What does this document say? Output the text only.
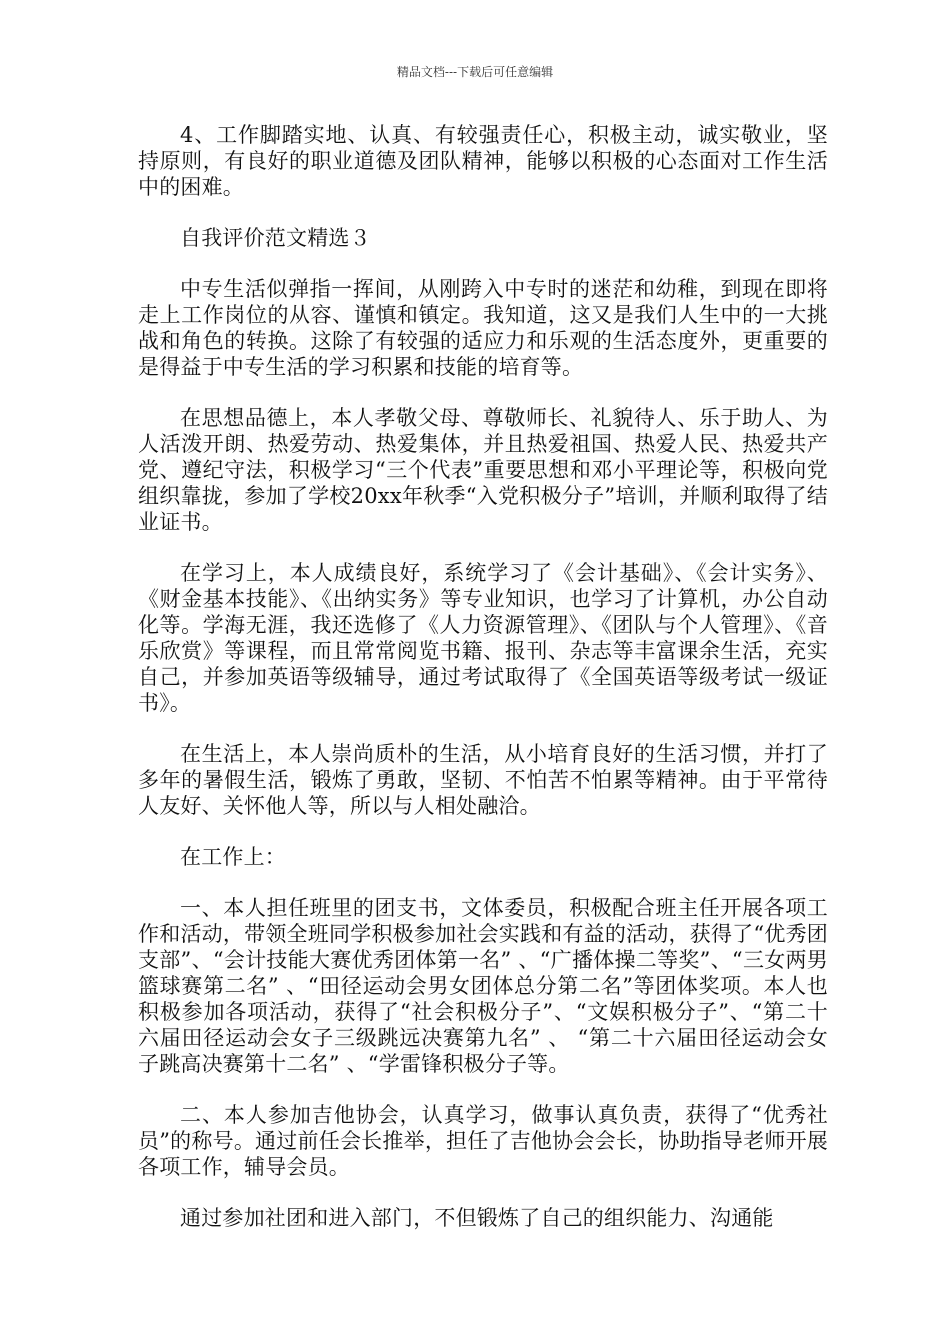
精品文档---下载后可任意编辑

4、工作脚踏实地、认真、有较强责任心，积极主动，诚实敬业，坚持原则，有良好的职业道德及团队精神，能够以积极的心态面对工作生活中的困难。

自我评价范文精选３

中专生活似弹指一挥间，从刚跨入中专时的迷茫和幼稚，到现在即将走上工作岗位的从容、谨慎和镇定。我知道，这又是我们人生中的一大挑战和角色的转换。这除了有较强的适应力和乐观的生活态度外，更重要的是得益于中专生活的学习积累和技能的培育等。

在思想品德上，本人孝敬父母、尊敬师长、礼貌待人、乐于助人、为人活泼开朗、热爱劳动、热爱集体，并且热爱祖国、热爱人民、热爱共产党、遵纪守法，积极学习“三个代表”重要思想和邓小平理论等，积极向党组织靠拢，参加了学校20xx年秋季“入党积极分子”培训，并顺利取得了结业证书。

在学习上，本人成绩良好，系统学习了《会计基础》、《会计实务》、《财金基本技能》、《出纳实务》等专业知识，也学习了计算机，办公自动化等。学海无涯，我还选修了《人力资源管理》、《团队与个人管理》、《音乐欣赏》等课程，而且常常阅览书籍、报刊、杂志等丰富课余生活，充实自己，并参加英语等级辅导，通过考试取得了《全国英语等级考试一级证书》。

在生活上，本人崇尚质朴的生活，从小培育良好的生活习惯，并打了多年的暑假生活，锻炼了勇敢，坚韧、不怕苦不怕累等精神。由于平常待人友好、关怀他人等，所以与人相处融洽。

在工作上：

一、本人担任班里的团支书，文体委员，积极配合班主任开展各项工作和活动，带领全班同学积极参加社会实践和有益的活动，获得了“优秀团支部”、“会计技能大赛优秀团体第一名” 、“广播体操二等奖”、“三女两男篮球赛第二名” 、“田径运动会男女团体总分第二名”等团体奖项。本人也积极参加各项活动，获得了“社会积极分子”、“文娱积极分子”、“第二十六届田径运动会女子三级跳远决赛第九名” 、 “第二十六届田径运动会女子跳高决赛第十二名” 、“学雷锋积极分子等。

二、本人参加吉他协会，认真学习，做事认真负责，获得了“优秀社员”的称号。通过前任会长推举，担任了吉他协会会长，协助指导老师开展各项工作，辅导会员。

通过参加社团和进入部门，不但锻炼了自己的组织能力、沟通能
